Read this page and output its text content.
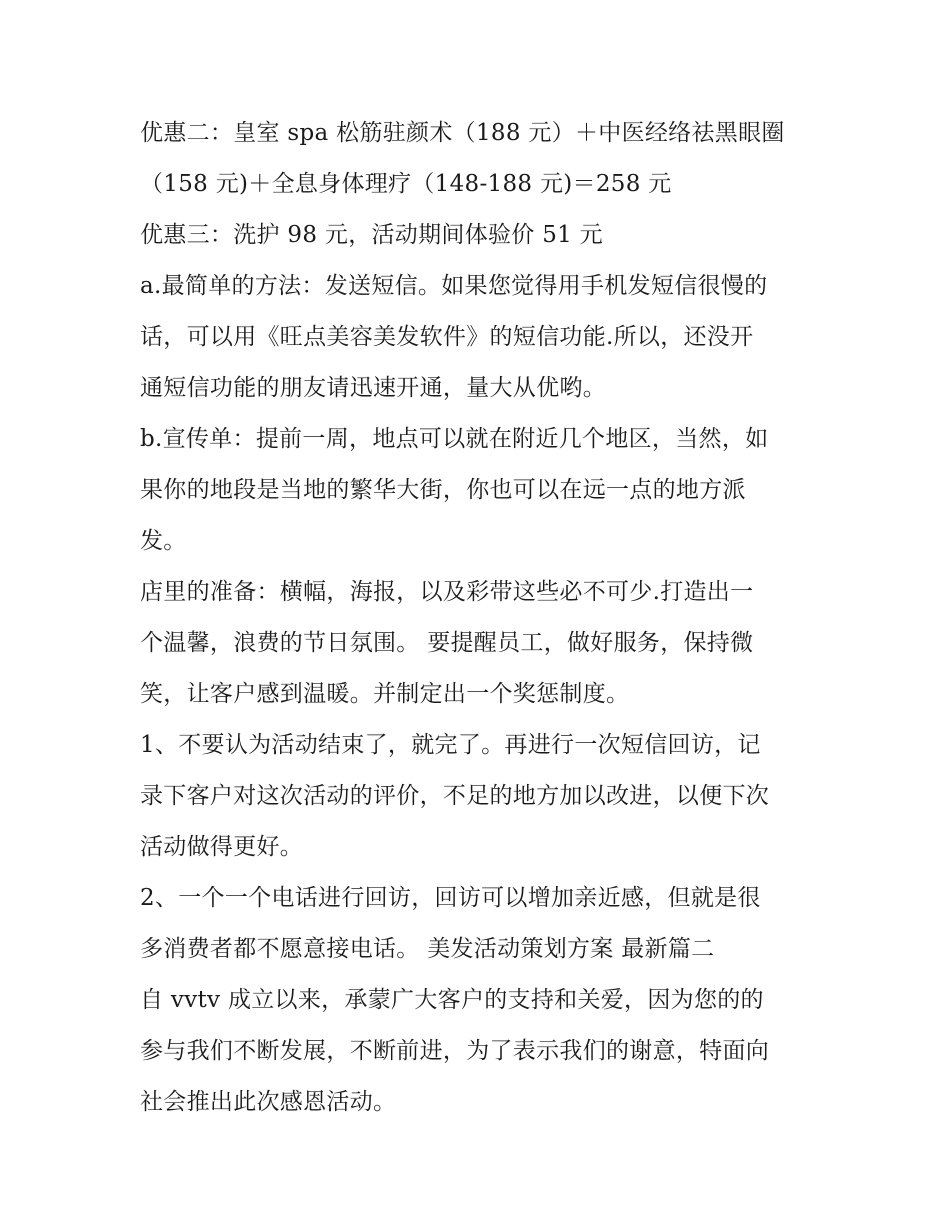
优惠二：皇室 spa 松筋驻颜术（188 元）＋中医经络祛黑眼圈
（158 元)＋全息身体理疗（148-188 元)＝258 元
优惠三：洗护 98 元，活动期间体验价 51 元
a.最简单的方法：发送短信。如果您觉得用手机发短信很慢的
话，可以用《旺点美容美发软件》的短信功能.所以，还没开
通短信功能的朋友请迅速开通，量大从优哟。
b.宣传单：提前一周，地点可以就在附近几个地区，当然，如
果你的地段是当地的繁华大街，你也可以在远一点的地方派
发。
店里的准备：横幅，海报，以及彩带这些必不可少.打造出一
个温馨，浪费的节日氛围。 要提醒员工，做好服务，保持微
笑，让客户感到温暖。并制定出一个奖惩制度。
1、不要认为活动结束了，就完了。再进行一次短信回访，记
录下客户对这次活动的评价，不足的地方加以改进，以便下次
活动做得更好。
2、一个一个电话进行回访，回访可以增加亲近感，但就是很
多消费者都不愿意接电话。 美发活动策划方案 最新篇二
自 vvtv 成立以来，承蒙广大客户的支持和关爱，因为您的的
参与我们不断发展，不断前进，为了表示我们的谢意，特面向
社会推出此次感恩活动。
